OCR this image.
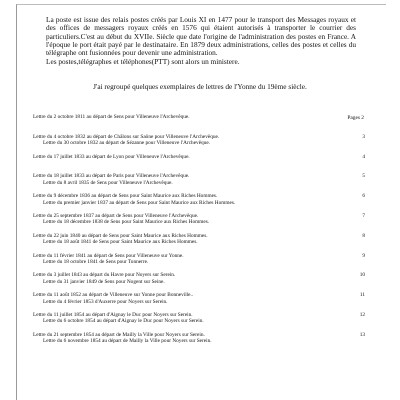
La poste est issue des relais postes créés par Louis XI en 1477 pour le transport des Messages royaux et des offices de messagers royaux créés en 1576 qui étaient autorisés à transporter le courrier des particuliers.C'est au début du XVIIe. Siècle que date l'origine de l'administration des postes en France. A l'époque le port était payé par le destinataire. En 1879 deux administrations, celles des postes et celles du télégraphe ont fusionnées pour devenir une administration.

Les postes,télégraphes et téléphones(PTT) sont alors un ministere.

J'ai regroupé quelques exemplaires de lettres de l'Yonne du 19ème siècle.
Pages 2
Lettre du 2 octobre 1811 au départ de Sens pour Villeneuve l'Archevêque.
Lettre du 4 octobre 1832 au départ de Châlons sur Saône pour Villeneuve l'Archevêque.
Lettre du 30 octobre 1832 au départ de Sézanne pour Villeneuve l'Archevêque.
3
Lettre du 17 juillet 1833 au départ de Lyon pour Villeneuve l'Archevêque.	4
Lettre du 18 juillet 1833 au départ de Paris pour Villeneuve l'Archevêque.
Lettre du 8 avril 1835 de Sens pour Villeneuve l'Archevêque.
5
Lettre du 9 décembre 1836 au départ de Sens pour Saint Maurice aux Riches Hommes.
Lettre du premier janvier 1837 au départ de Sens pour Saint Maurice aux Riches Hommes.
6
Lettre du 25 septembre 1837 au départ de Sens pour Villeneuve l'Archevêque.
Lettre du 18 décembre 1838 de Sens pour Saint Maurice aux Riches Hommes.
7
Lettre du 22 juin 1840 au départ de Sens pour Saint Maurice aux Riches Hommes.
Lettre du 18 août 1841 de Sens pour Saint Maurice aux Riches Hommes.
8
Lettre du 11 février 1841 au départ de Sens pour Villeneuve sur Yonne.
Lettre du 18 octobre 1841 de Sens pour Tonnerre.
9
Lettre du 3 juillet 1843 au départ du Havre pour Noyers sur Serein.
Lettre du 31 janvier 1849 de Sens pour Nogent sur Seine.
10
Lettre du 11 août 1852 au départ de Villeneuve sur Yonne pour Bonneville..
Lettre du 4 février 1853 d'Auxerre pour Noyers sur Serein.
11
Lettre du 11 juillet 1854 au départ d'Aignay le Duc pour Noyers sur Serein.
Lettre du 6 octobre 1854 au départ d'Aignay le Duc pour Noyers sur Serein.
12
Lettre du 21 septembre 1854 au départ de Mailly la Ville pour Noyers sur Serein.
Lettre du 6 novembre 1854 au départ de Mailly la Ville pour Noyers sur Serein.
13
